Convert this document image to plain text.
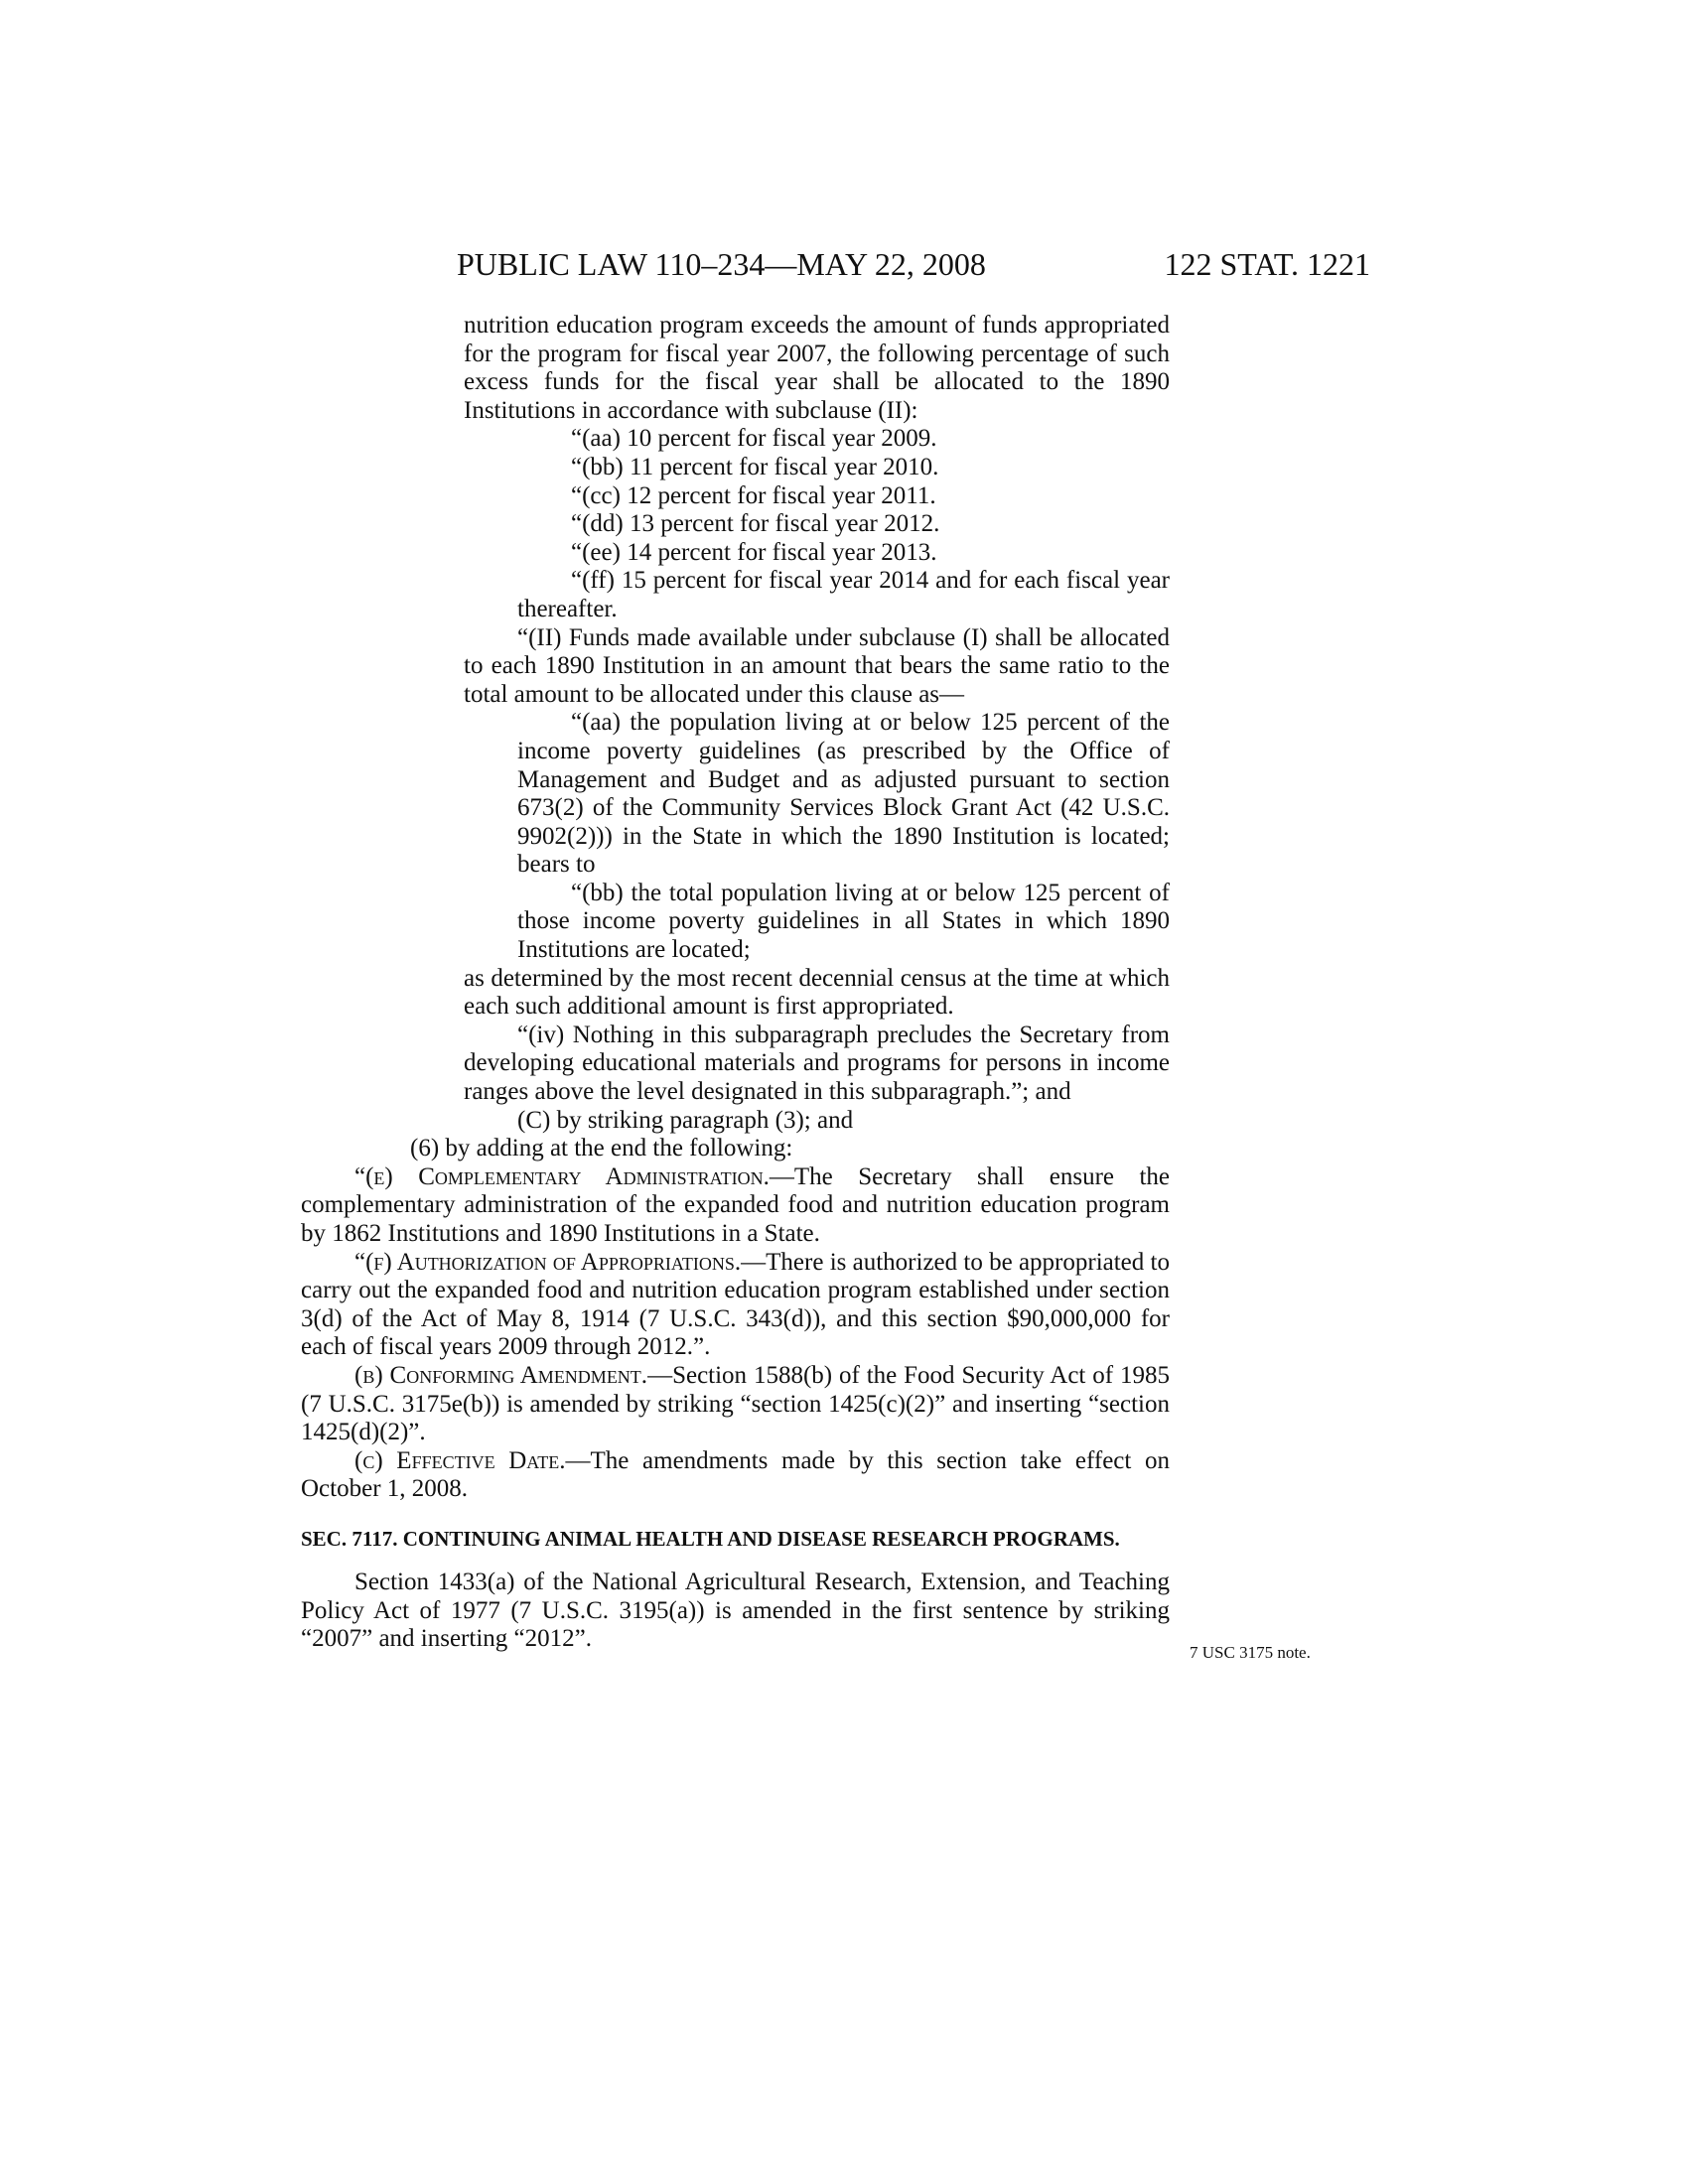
PUBLIC LAW 110–234—MAY 22, 2008	122 STAT. 1221

nutrition education program exceeds the amount of funds appropriated for the program for fiscal year 2007, the following percentage of such excess funds for the fiscal year shall be allocated to the 1890 Institutions in accordance with subclause (II):

“(aa) 10 percent for fiscal year 2009.

“(bb) 11 percent for fiscal year 2010.

“(cc) 12 percent for fiscal year 2011.

“(dd) 13 percent for fiscal year 2012.

“(ee) 14 percent for fiscal year 2013.

“(ff) 15 percent for fiscal year 2014 and for each fiscal year thereafter.

“(II) Funds made available under subclause (I) shall be allocated to each 1890 Institution in an amount that bears the same ratio to the total amount to be allocated under this clause as—

“(aa) the population living at or below 125 percent of the income poverty guidelines (as prescribed by the Office of Management and Budget and as adjusted pursuant to section 673(2) of the Community Services Block Grant Act (42 U.S.C. 9902(2))) in the State in which the 1890 Institution is located; bears to

“(bb) the total population living at or below 125 percent of those income poverty guidelines in all States in which 1890 Institutions are located;

as determined by the most recent decennial census at the time at which each such additional amount is first appropriated.

“(iv) Nothing in this subparagraph precludes the Secretary from developing educational materials and programs for persons in income ranges above the level designated in this subparagraph.”; and

(C) by striking paragraph (3); and

(6) by adding at the end the following:

“(e) Complementary Administration.—The Secretary shall ensure the complementary administration of the expanded food and nutrition education program by 1862 Institutions and 1890 Institutions in a State.

“(f) Authorization of Appropriations.—There is authorized to be appropriated to carry out the expanded food and nutrition education program established under section 3(d) of the Act of May 8, 1914 (7 U.S.C. 343(d)), and this section $90,000,000 for each of fiscal years 2009 through 2012.”.

(b) Conforming Amendment.—Section 1588(b) of the Food Security Act of 1985 (7 U.S.C. 3175e(b)) is amended by striking “section 1425(c)(2)” and inserting “section 1425(d)(2)”.

(c) Effective Date.—The amendments made by this section take effect on October 1, 2008.

SEC. 7117. CONTINUING ANIMAL HEALTH AND DISEASE RESEARCH PROGRAMS.

Section 1433(a) of the National Agricultural Research, Extension, and Teaching Policy Act of 1977 (7 U.S.C. 3195(a)) is amended in the first sentence by striking “2007” and inserting “2012”.

7 USC 3175 note.
